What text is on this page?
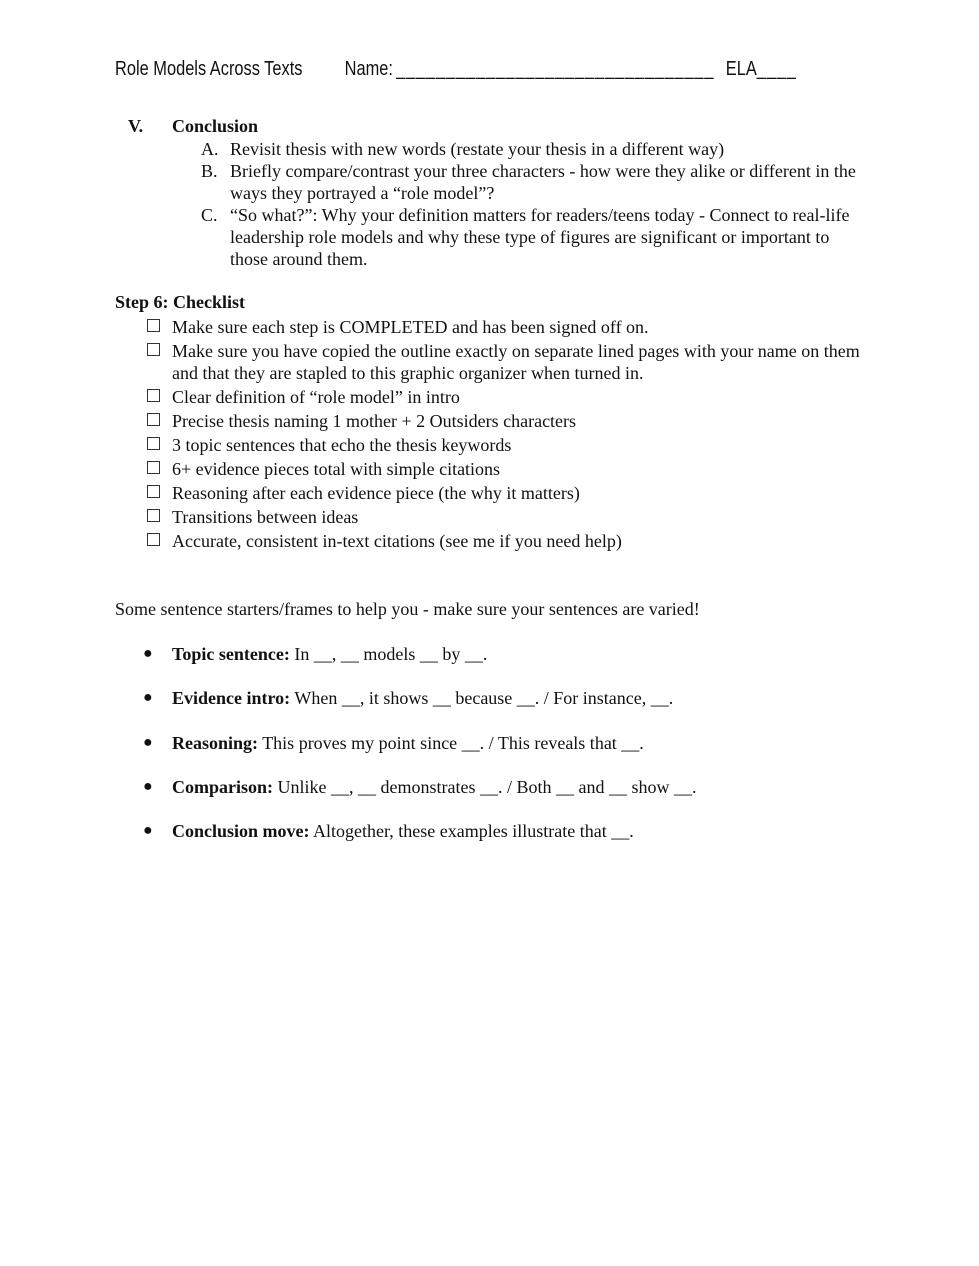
Role Models Across Texts Name: ________________________________ ELA____
V. Conclusion
A. Revisit thesis with new words (restate your thesis in a different way)
B. Briefly compare/contrast your three characters - how were they alike or different in the ways they portrayed a “role model”?
C. “So what?”: Why your definition matters for readers/teens today - Connect to real-life leadership role models and why these type of figures are significant or important to those around them.
Step 6: Checklist
Make sure each step is COMPLETED and has been signed off on.
Make sure you have copied the outline exactly on separate lined pages with your name on them and that they are stapled to this graphic organizer when turned in.
Clear definition of “role model” in intro
Precise thesis naming 1 mother + 2 Outsiders characters
3 topic sentences that echo the thesis keywords
6+ evidence pieces total with simple citations
Reasoning after each evidence piece (the why it matters)
Transitions between ideas
Accurate, consistent in-text citations (see me if you need help)
Some sentence starters/frames to help you - make sure your sentences are varied!
● Topic sentence: In __, __ models __ by __.
● Evidence intro: When __, it shows __ because __. / For instance, __.
● Reasoning: This proves my point since __. / This reveals that __.
● Comparison: Unlike __, __ demonstrates __. / Both __ and __ show __.
● Conclusion move: Altogether, these examples illustrate that __.
